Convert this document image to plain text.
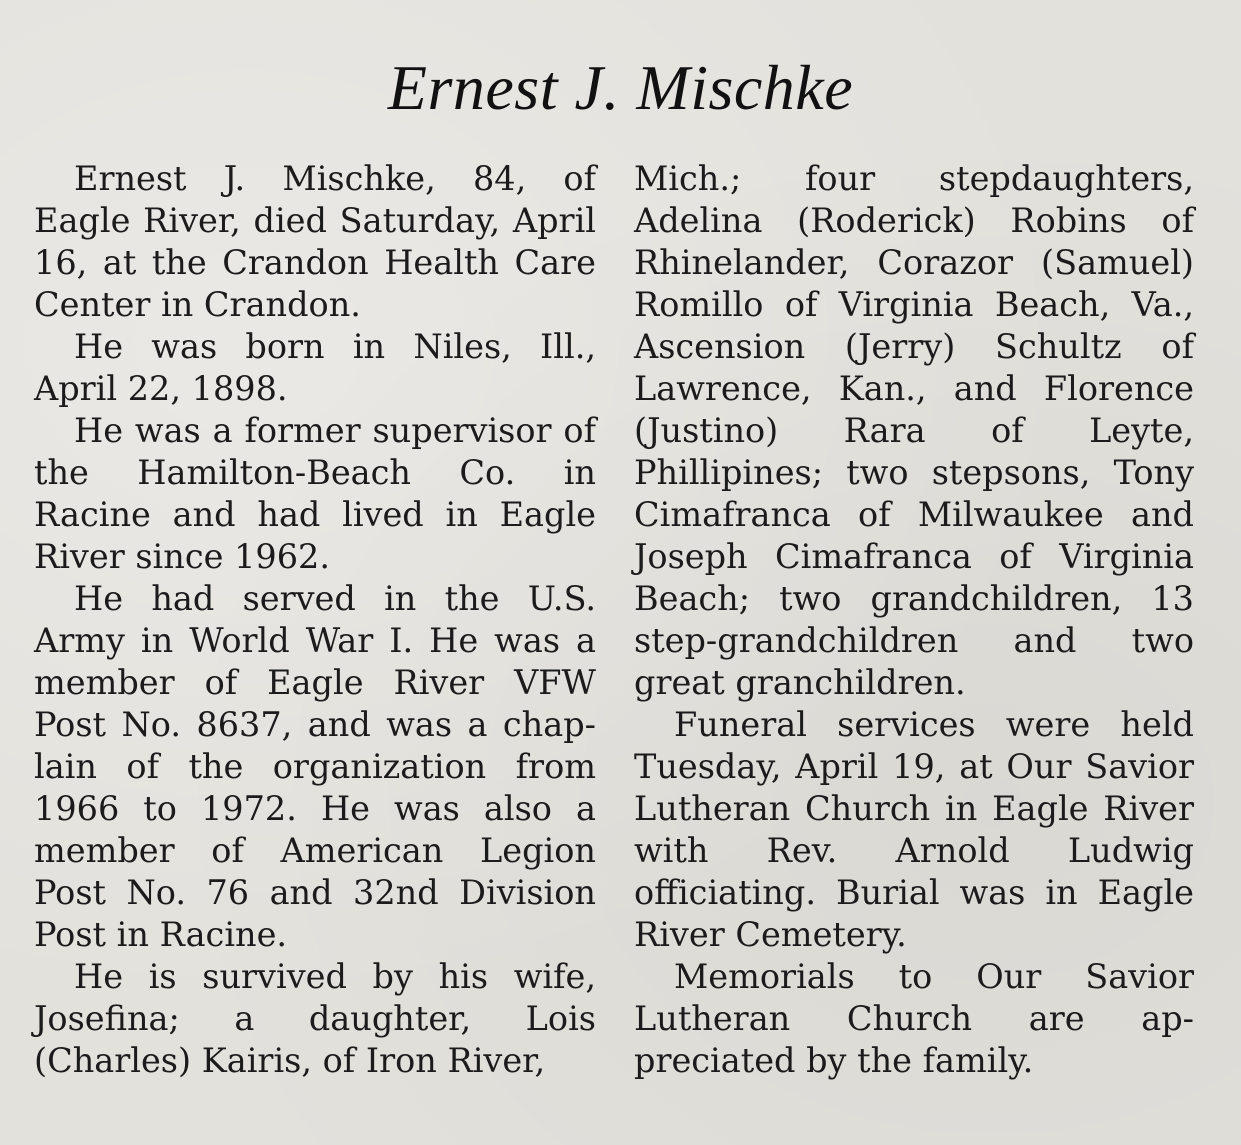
Ernest J. Mischke

Ernest J. Mischke, 84, of Eagle River, died Saturday, April 16, at the Crandon Health Care Center in Crandon.

He was born in Niles, Ill., April 22, 1898.

He was a former supervisor of the Hamilton-Beach Co. in Racine and had lived in Eagle River since 1962.

He had served in the U.S. Army in World War I. He was a member of Eagle River VFW Post No. 8637, and was a chap-lain of the organization from 1966 to 1972. He was also a member of American Legion Post No. 76 and 32nd Division Post in Racine.

He is survived by his wife, Josefina; a daughter, Lois (Charles) Kairis, of Iron River,

Mich.; four stepdaughters, Adelina (Roderick) Robins of Rhinelander, Corazor (Samuel) Romillo of Virginia Beach, Va., Ascension (Jerry) Schultz of Lawrence, Kan., and Florence (Justino) Rara of Leyte, Phillipines; two stepsons, Tony Cimafranca of Milwaukee and Joseph Cimafranca of Virginia Beach; two grandchildren, 13 step-grandchildren and two great granchildren.

Funeral services were held Tuesday, April 19, at Our Savior Lutheran Church in Eagle River with Rev. Arnold Ludwig officiating. Burial was in Eagle River Cemetery.

Memorials to Our Savior Lutheran Church are ap-preciated by the family.
